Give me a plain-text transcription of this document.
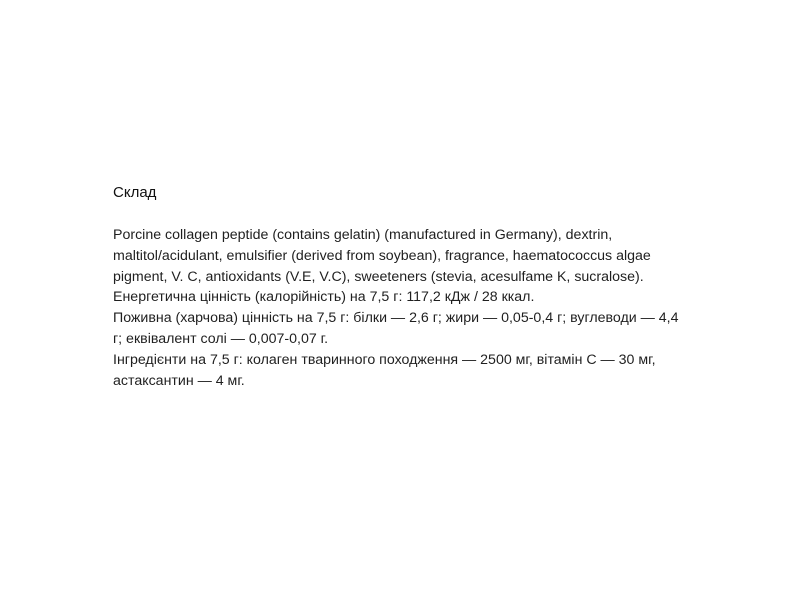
Склад

Porcine collagen peptide (contains gelatin) (manufactured in Germany), dextrin, maltitol/acidulant, emulsifier (derived from soybean), fragrance, haematococcus algae pigment, V. C, antioxidants (V.E, V.C), sweeteners (stevia, acesulfame K, sucralose).

Енергетична цінність (калорійність) на 7,5 г: 117,2 кДж / 28 ккал.

Поживна (харчова) цінність на 7,5 г: білки — 2,6 г; жири — 0,05-0,4 г; вуглеводи — 4,4 г; еквівалент солі — 0,007-0,07 г.

Інгредієнти на 7,5 г: колаген тваринного походження — 2500 мг, вітамін С — 30 мг, астаксантин — 4 мг.
